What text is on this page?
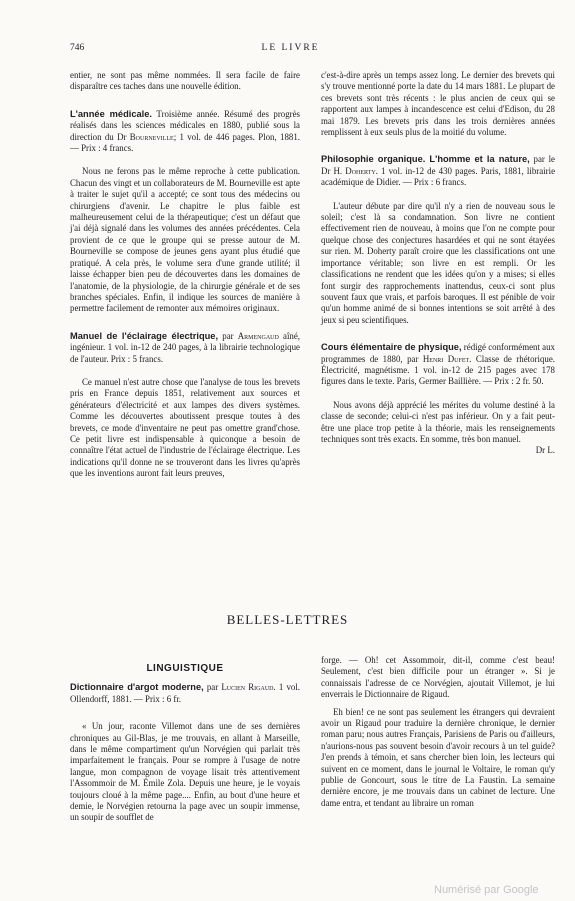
746	LE LIVRE

entier, ne sont pas même nommées. Il sera facile de faire disparaître ces taches dans une nouvelle édition.

L'année médicale. Troisième année. Résumé des progrès réalisés dans les sciences médicales en 1880, publié sous la direction du Dr Bourneville; 1 vol. de 446 pages. Plon, 1881. — Prix : 4 francs.

Nous ne ferons pas le même reproche à cette publication. Chacun des vingt et un collaborateurs de M. Bourneville est apte à traiter le sujet qu'il a accepté; ce sont tous des médecins ou chirurgiens d'avenir. Le chapitre le plus faible est malheureusement celui de la thérapeutique; c'est un défaut que j'ai déjà signalé dans les volumes des années précédentes. Cela provient de ce que le groupe qui se presse autour de M. Bourneville se compose de jeunes gens ayant plus étudié que pratiqué. A cela près, le volume sera d'une grande utilité; il laisse échapper bien peu de découvertes dans les domaines de l'anatomie, de la physiologie, de la chirurgie générale et de ses branches spéciales. Enfin, il indique les sources de manière à permettre facilement de remonter aux mémoires originaux.

Manuel de l'éclairage électrique, par Armengaud aîné, ingénieur. 1 vol. in-12 de 240 pages, à la librairie technologique de l'auteur. Prix : 5 francs.

Ce manuel n'est autre chose que l'analyse de tous les brevets pris en France depuis 1851, relativement aux sources et générateurs d'électricité et aux lampes des divers systèmes. Comme les découvertes aboutissent presque toutes à des brevets, ce mode d'inventaire ne peut pas omettre grand'chose. Ce petit livre est indispensable à quiconque a besoin de connaître l'état actuel de l'industrie de l'éclairage électrique. Les indications qu'il donne ne se trouveront dans les livres qu'après que les inventions auront fait leurs preuves,

c'est-à-dire après un temps assez long. Le dernier des brevets qui s'y trouve mentionné porte la date du 14 mars 1881. Le plupart de ces brevets sont très récents : le plus ancien de ceux qui se rapportent aux lampes à incandescence est celui d'Edison, du 28 mai 1879. Les brevets pris dans les trois dernières années remplissent à eux seuls plus de la moitié du volume.

Philosophie organique. L'homme et la nature, par le Dr H. Doherty. 1 vol. in-12 de 430 pages. Paris, 1881, librairie académique de Didier. — Prix : 6 francs.

L'auteur débute par dire qu'il n'y a rien de nouveau sous le soleil; c'est là sa condamnation. Son livre ne contient effectivement rien de nouveau, à moins que l'on ne compte pour quelque chose des conjectures hasardées et qui ne sont étayées sur rien. M. Doherty paraît croire que les classifications ont une importance véritable; son livre en est rempli. Or les classifications ne rendent que les idées qu'on y a mises; si elles font surgir des rapprochements inattendus, ceux-ci sont plus souvent faux que vrais, et parfois baroques. Il est pénible de voir qu'un homme animé de si bonnes intentions se soit arrêté à des jeux si peu scientifiques.

Cours élémentaire de physique, rédigé conformément aux programmes de 1880, par Henri Dufet. Classe de rhétorique. Électricité, magnétisme. 1 vol. in-12 de 215 pages avec 178 figures dans le texte. Paris, Germer Baillière. — Prix : 2 fr. 50.

Nous avons déjà apprécié les mérites du volume destiné à la classe de seconde; celui-ci n'est pas inférieur. On y a fait peut-être une place trop petite à la théorie, mais les renseignements techniques sont très exacts. En somme, très bon manuel.
Dr L.

BELLES-LETTRES
LINGUISTIQUE

Dictionnaire d'argot moderne, par Lucien Rigaud. 1 vol. Ollendorff, 1881. — Prix : 6 fr.

« Un jour, raconte Villemot dans une de ses dernières chroniques au Gil-Blas, je me trouvais, en allant à Marseille, dans le même compartiment qu'un Norvégien qui parlait très imparfaitement le français. Pour se rompre à l'usage de notre langue, mon compagnon de voyage lisait très attentivement l'Assommoir de M. Émile Zola. Depuis une heure, je le voyais toujours cloué à la même page.... Enfin, au bout d'une heure et demie, le Norvégien retourna la page avec un soupir immense, un soupir de soufflet de

forge. — Oh! cet Assommoir, dit-il, comme c'est beau! Seulement, c'est bien difficile pour un étranger ». Si je connaissais l'adresse de ce Norvégien, ajoutait Villemot, je lui enverrais le Dictionnaire de Rigaud.

Eh bien! ce ne sont pas seulement les étrangers qui devraient avoir un Rigaud pour traduire la dernière chronique, le dernier roman paru; nous autres Français, Parisiens de Paris ou d'ailleurs, n'aurions-nous pas souvent besoin d'avoir recours à un tel guide? J'en prends à témoin, et sans chercher bien loin, les lecteurs qui suivent en ce moment, dans le journal le Voltaire, le roman qu'y publie de Goncourt, sous le titre de La Faustin. La semaine dernière encore, je me trouvais dans un cabinet de lecture. Une dame entra, et tendant au libraire un roman

Numérisé par Google
